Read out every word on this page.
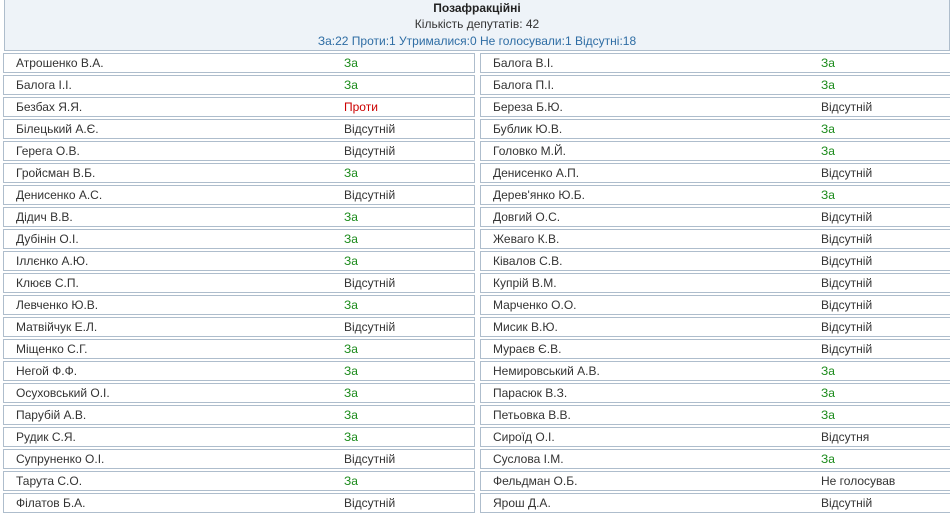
Позафракційні
Кількість депутатів: 42
За:22 Проти:1 Утрималися:0 Не голосували:1 Відсутні:18
Атрошенко В.А.	За
Балога І.І.	За
Безбах Я.Я.	Проти
Білецький А.Є.	Відсутній
Герега О.В.	Відсутній
Гройсман В.Б.	За
Денисенко А.С.	Відсутній
Дідич В.В.	За
Дубінін О.І.	За
Іллєнко А.Ю.	За
Клюєв С.П.	Відсутній
Левченко Ю.В.	За
Матвійчук Е.Л.	Відсутній
Міщенко С.Г.	За
Негой Ф.Ф.	За
Осуховський О.І.	За
Парубій А.В.	За
Рудик С.Я.	За
Супруненко О.І.	Відсутній
Тарута С.О.	За
Філатов Б.А.	Відсутній
Балога В.І.	За
Балога П.І.	За
Береза Б.Ю.	Відсутній
Бублик Ю.В.	За
Головко М.Й.	За
Денисенко А.П.	Відсутній
Дерев'янко Ю.Б.	За
Довгий О.С.	Відсутній
Жеваго К.В.	Відсутній
Ківалов С.В.	Відсутній
Купрій В.М.	Відсутній
Марченко О.О.	Відсутній
Мисик В.Ю.	Відсутній
Мураєв Є.В.	Відсутній
Немировський А.В.	За
Парасюк В.З.	За
Петьовка В.В.	За
Сироїд О.І.	Відсутня
Суслова І.М.	За
Фельдман О.Б.	Не голосував
Ярош Д.А.	Відсутній
